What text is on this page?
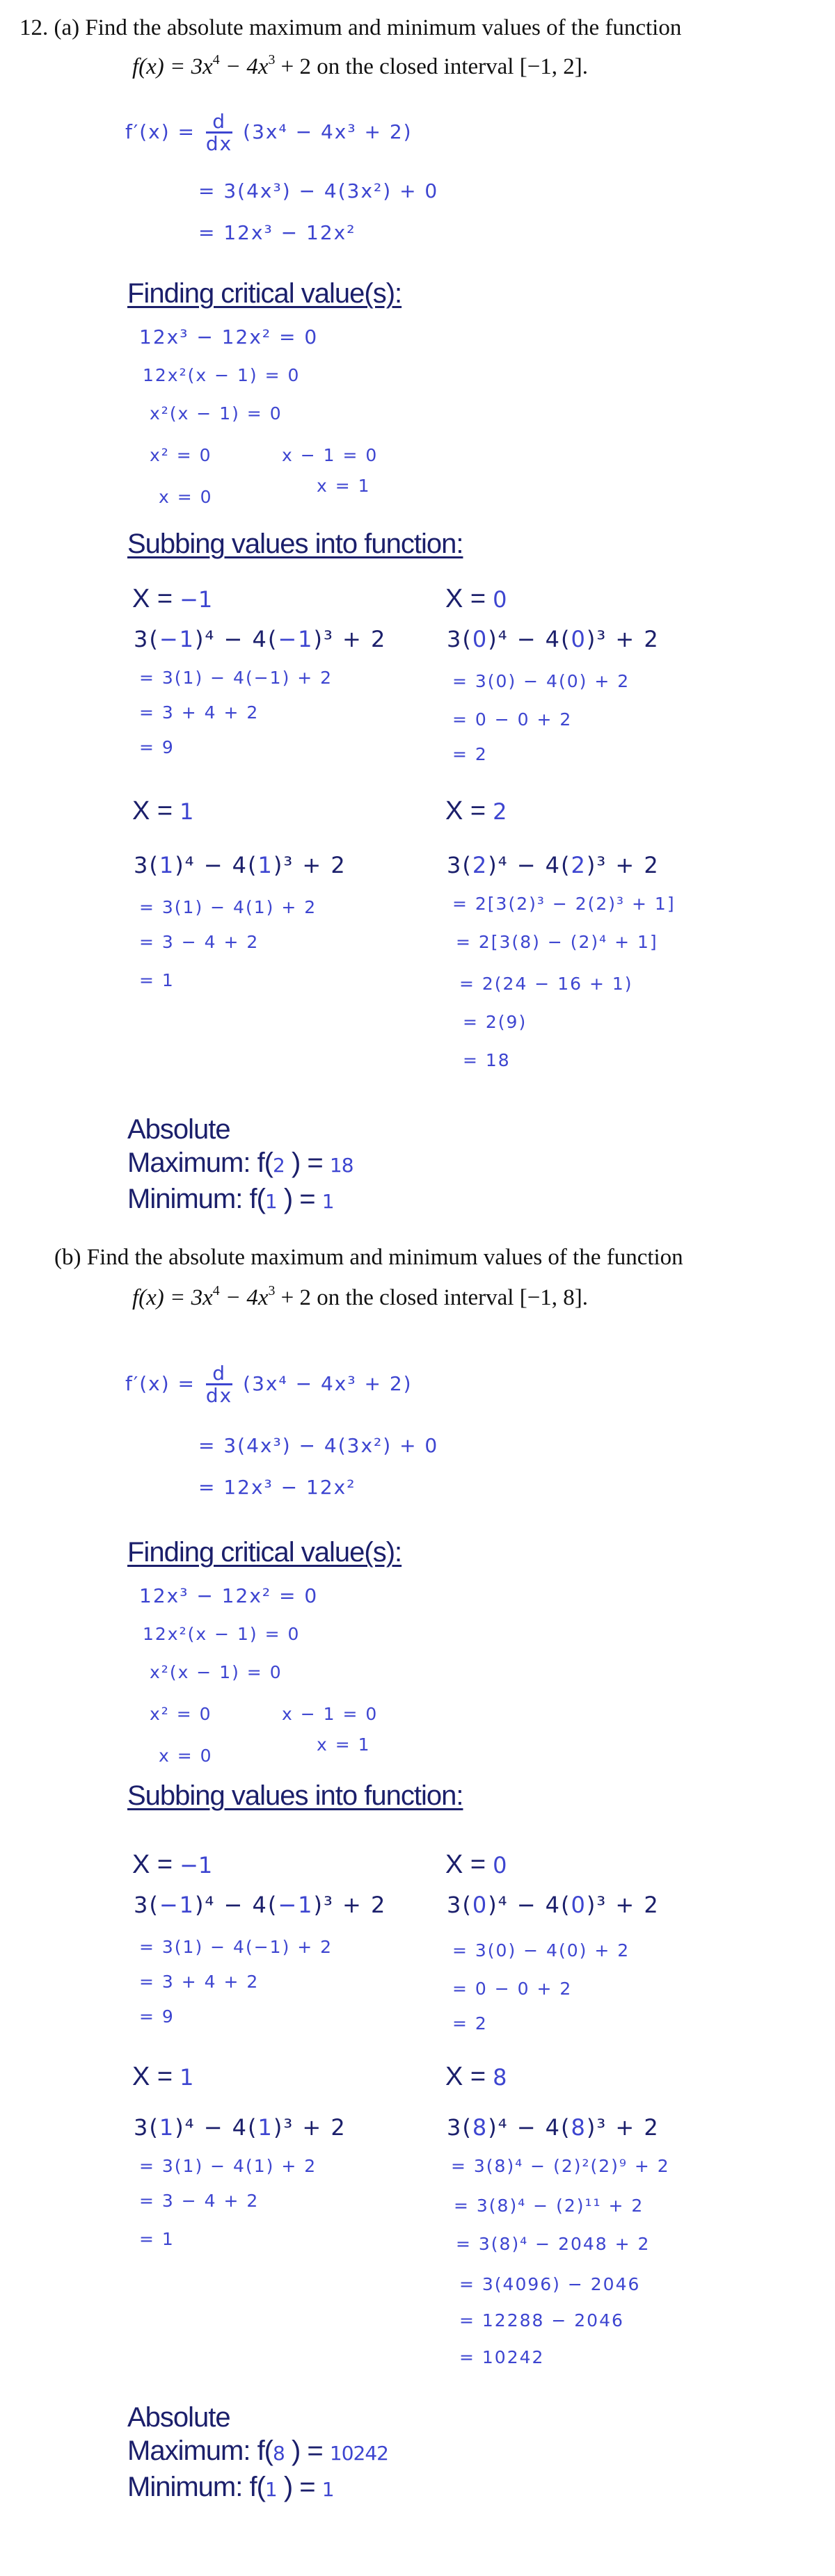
12. (a) Find the absolute maximum and minimum values of the function
$f(x) = 3x^4 - 4x^3 + 2$ on the closed interval [−1, 2].
$f'(x) = \frac{d}{dx} (3x^4 - 4x^3 + 2)$
= 3(4x³) − 4(3x²) + 0
= 12x³ − 12x²
Finding critical value(s):
12x³ − 12x² = 0
12x²(x − 1) = 0
x²(x − 1) = 0
x² = 0	x − 1 = 0
x = 0
x = 1
Subbing values into function:
X = −1
3(−1)⁴ − 4(−1)³ + 2
= 3(1) − 4(−1) + 2
= 3 + 4 + 2
= 9
X = 0
3(0)⁴ − 4(0)³ + 2
= 3(0) − 4(0) + 2
= 0 − 0 + 2
= 2
X = 1
3(1)⁴ − 4(1)³ + 2
= 3(1) − 4(1) + 2
= 3 − 4 + 2
= 1
X = 2
3(2)⁴ − 4(2)³ + 2
= 2[3(2)³ − 2(2)³ + 1]
= 2[3(8) − (2)⁴ + 1]
= 2(24 − 16 + 1)
= 2(9)
= 18
Absolute
Maximum: f(2 ) = 18
Minimum: f(1 ) = 1
(b) Find the absolute maximum and minimum values of the function
$f(x) = 3x^4 - 4x^3 + 2$ on the closed interval [−1, 8].
$f'(x) = \frac{d}{dx} (3x^4 - 4x^3 + 2)$
= 3(4x³) − 4(3x²) + 0
= 12x³ − 12x²
Finding critical value(s):
12x³ − 12x² = 0
12x²(x − 1) = 0
x²(x − 1) = 0
x² = 0	x − 1 = 0
x = 0
x = 1
Subbing values into function:
X = −1
3(−1)⁴ − 4(−1)³ + 2
= 3(1) − 4(−1) + 2
= 3 + 4 + 2
= 9
X = 0
3(0)⁴ − 4(0)³ + 2
= 3(0) − 4(0) + 2
= 0 − 0 + 2
= 2
X = 1
3(1)⁴ − 4(1)³ + 2
= 3(1) − 4(1) + 2
= 3 − 4 + 2
= 1
X = 8
3(8)⁴ − 4(8)³ + 2
= 3(8)⁴ − (2)²(2)⁹ + 2
= 3(8)⁴ − (2)¹¹ + 2
= 3(8)⁴ − 2048 + 2
= 3(4096) − 2046
= 12288 − 2046
= 10242
Absolute
Maximum: f(8 ) = 10242
Minimum: f(1 ) = 1
